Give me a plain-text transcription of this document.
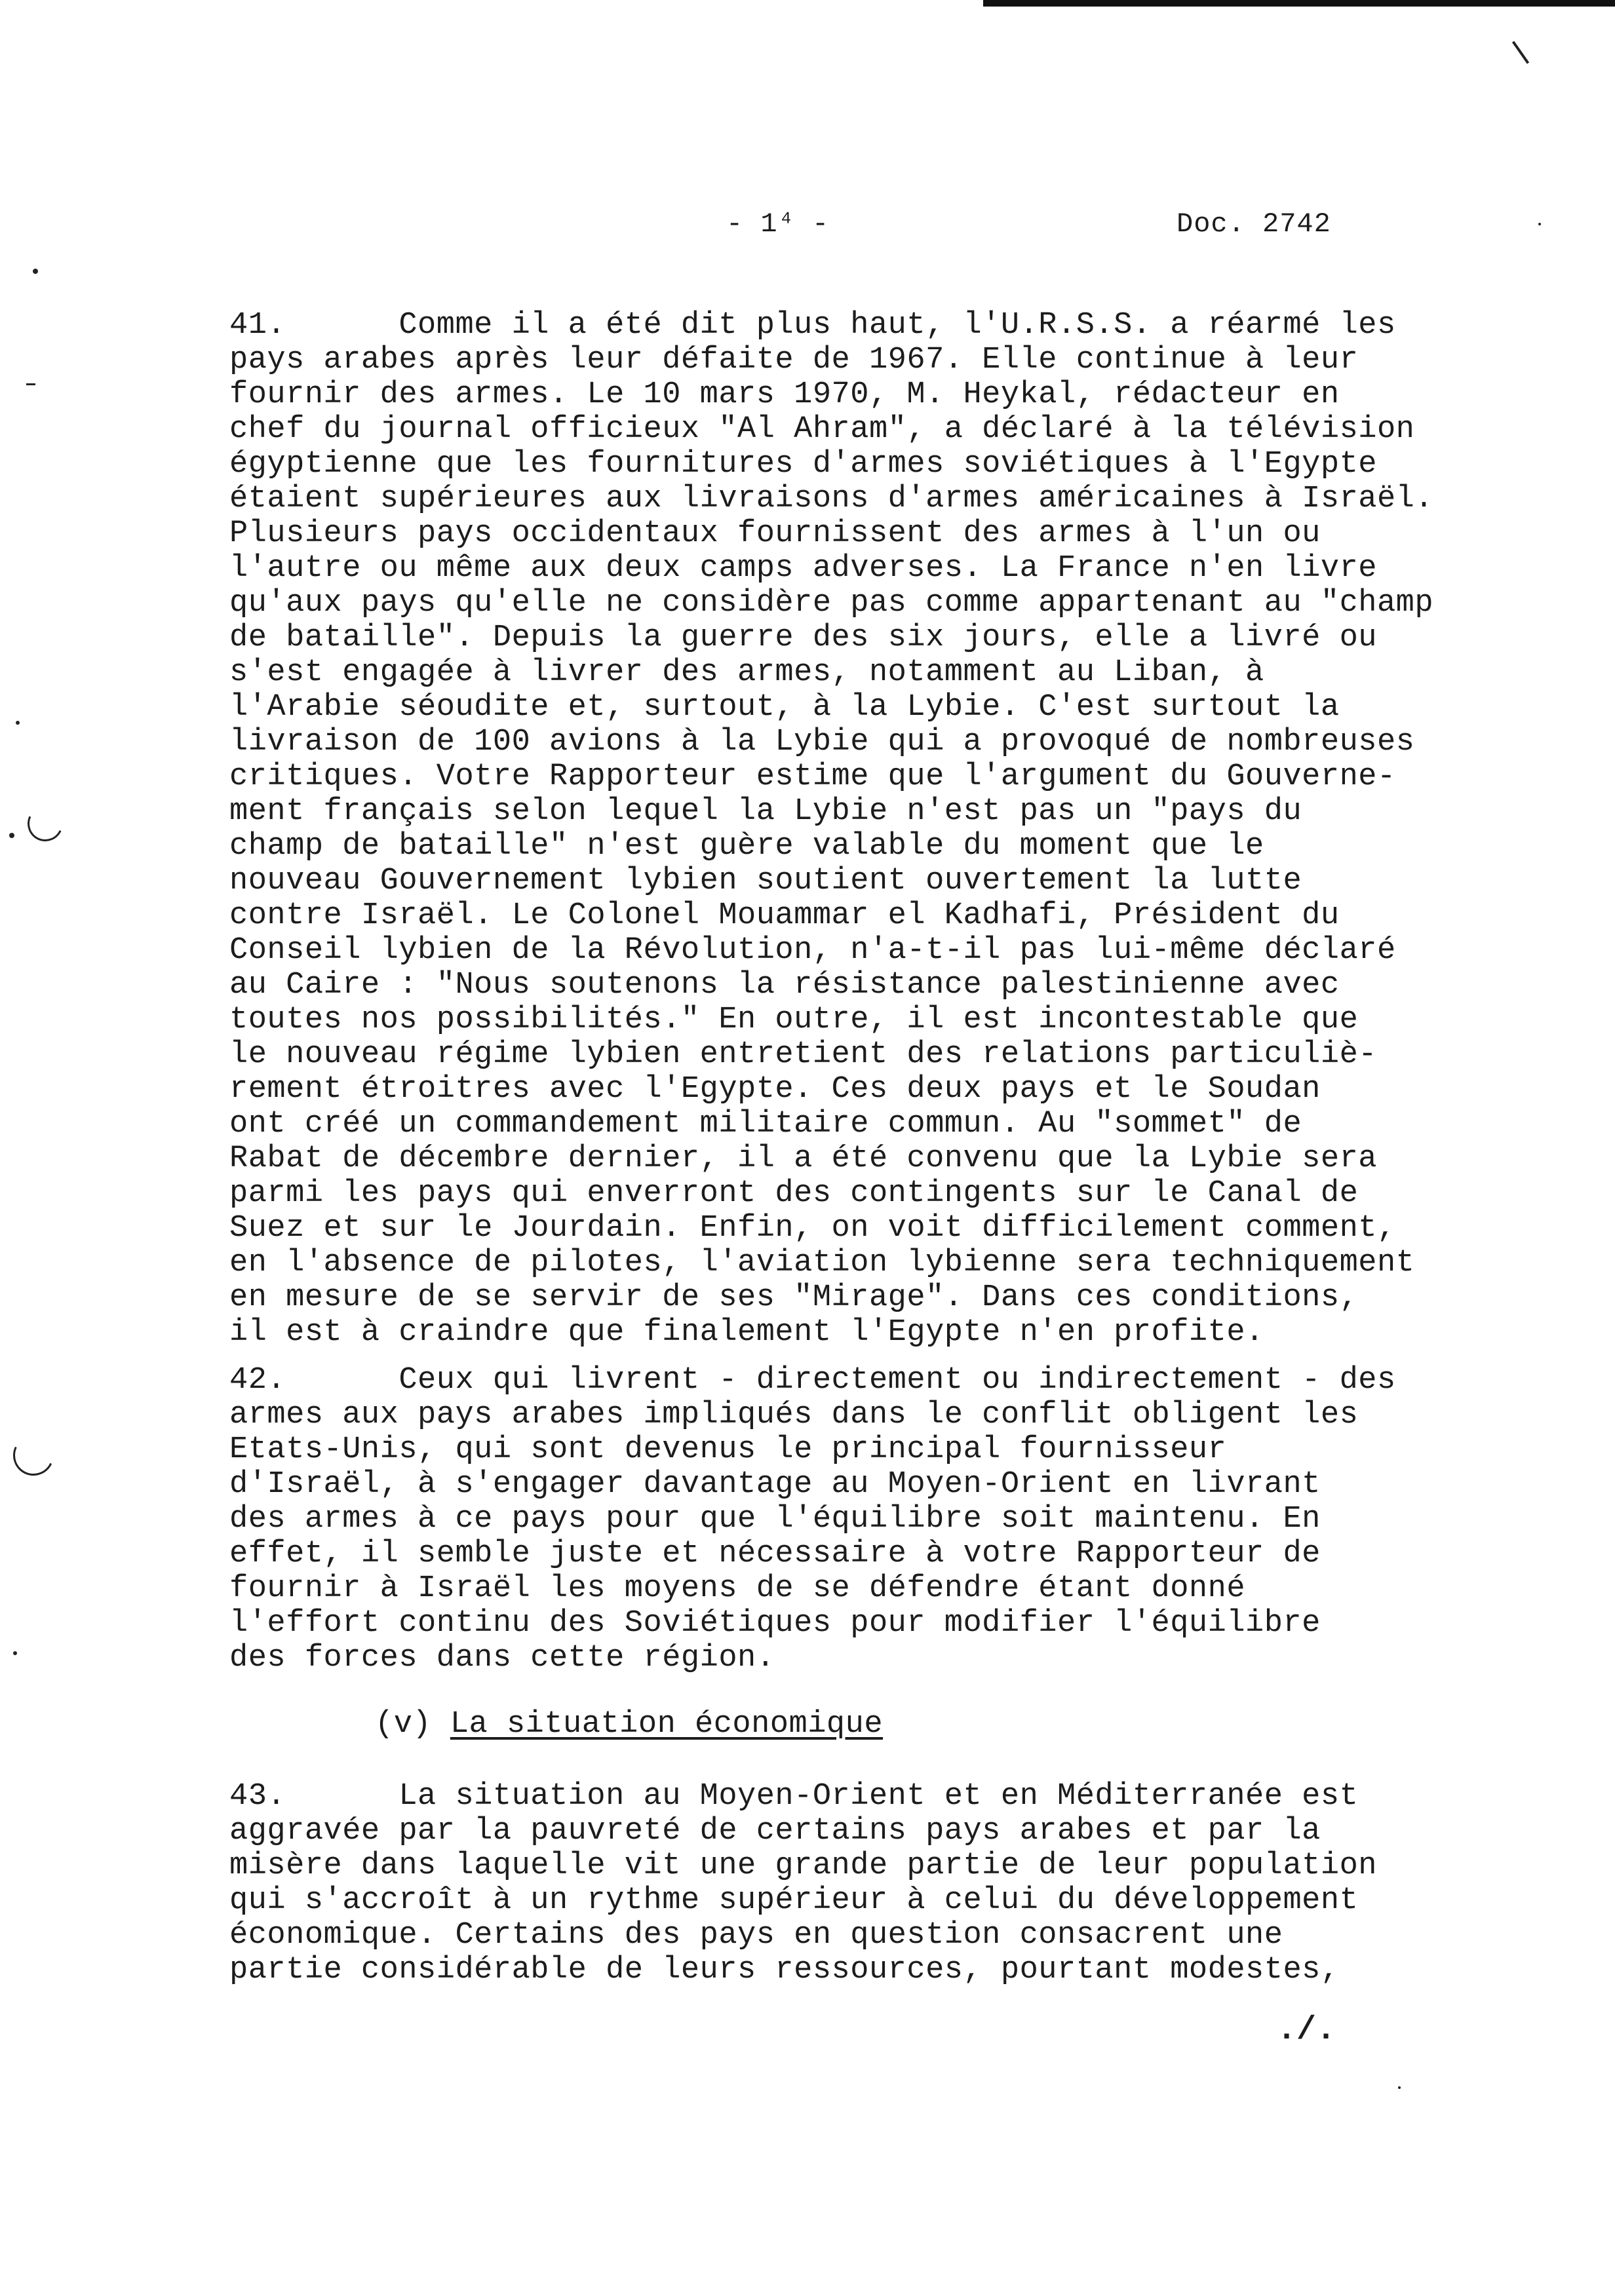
- 1⁴ -	Doc. 2742
41.      Comme il a été dit plus haut, l'U.R.S.S. a réarmé les
pays arabes après leur défaite de 1967. Elle continue à leur
fournir des armes. Le 10 mars 1970, M. Heykal, rédacteur en
chef du journal officieux "Al Ahram", a déclaré à la télévision
égyptienne que les fournitures d'armes soviétiques à l'Egypte
étaient supérieures aux livraisons d'armes américaines à Israël.
Plusieurs pays occidentaux fournissent des armes à l'un ou
l'autre ou même aux deux camps adverses. La France n'en livre
qu'aux pays qu'elle ne considère pas comme appartenant au "champ
de bataille". Depuis la guerre des six jours, elle a livré ou
s'est engagée à livrer des armes, notamment au Liban, à
l'Arabie séoudite et, surtout, à la Lybie. C'est surtout la
livraison de 100 avions à la Lybie qui a provoqué de nombreuses
critiques. Votre Rapporteur estime que l'argument du Gouverne-
ment français selon lequel la Lybie n'est pas un "pays du
champ de bataille" n'est guère valable du moment que le
nouveau Gouvernement lybien soutient ouvertement la lutte
contre Israël. Le Colonel Mouammar el Kadhafi, Président du
Conseil lybien de la Révolution, n'a-t-il pas lui-même déclaré
au Caire : "Nous soutenons la résistance palestinienne avec
toutes nos possibilités." En outre, il est incontestable que
le nouveau régime lybien entretient des relations particuliè-
rement étroitres avec l'Egypte. Ces deux pays et le Soudan
ont créé un commandement militaire commun. Au "sommet" de
Rabat de décembre dernier, il a été convenu que la Lybie sera
parmi les pays qui enverront des contingents sur le Canal de
Suez et sur le Jourdain. Enfin, on voit difficilement comment,
en l'absence de pilotes, l'aviation lybienne sera techniquement
en mesure de se servir de ses "Mirage". Dans ces conditions,
il est à craindre que finalement l'Egypte n'en profite.
42.      Ceux qui livrent - directement ou indirectement - des
armes aux pays arabes impliqués dans le conflit obligent les
Etats-Unis, qui sont devenus le principal fournisseur
d'Israël, à s'engager davantage au Moyen-Orient en livrant
des armes à ce pays pour que l'équilibre soit maintenu. En
effet, il semble juste et nécessaire à votre Rapporteur de
fournir à Israël les moyens de se défendre étant donné
l'effort continu des Soviétiques pour modifier l'équilibre
des forces dans cette région.
(v) La situation économique
43.      La situation au Moyen-Orient et en Méditerranée est
aggravée par la pauvreté de certains pays arabes et par la
misère dans laquelle vit une grande partie de leur population
qui s'accroît à un rythme supérieur à celui du développement
économique. Certains des pays en question consacrent une
partie considérable de leurs ressources, pourtant modestes,
./.
